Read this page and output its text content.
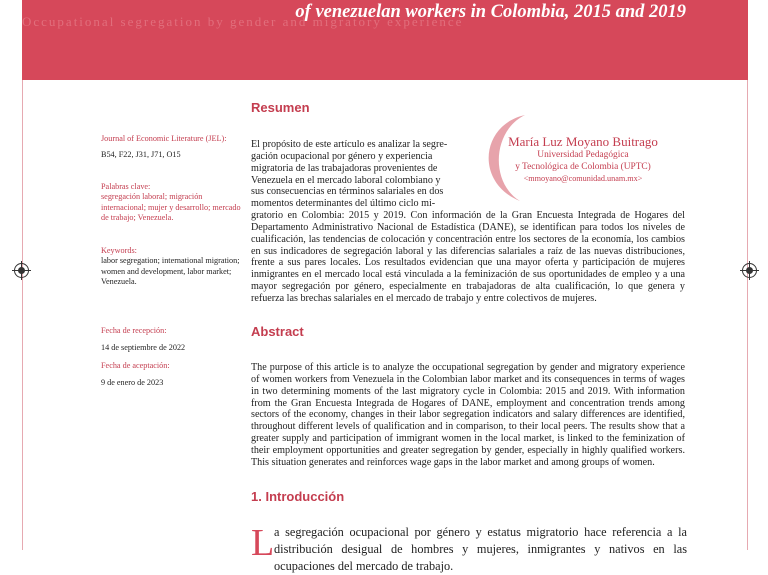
Occupational segregation by gender and migratory experience
of venezuelan workers in Colombia, 2015 and 2019
Journal of Economic Literature (JEL):
B54, F22, J31, J71, O15
Palabras clave:
segregación laboral; migración internacional; mujer y desarrollo; mercado de trabajo; Venezuela.
Keywords:
labor segregation; international migration; women and development, labor market; Venezuela.
Fecha de recepción:
14 de septiembre de 2022
Fecha de aceptación:
9 de enero de 2023
María Luz Moyano Buitrago
Universidad Pedagógica
y Tecnológica de Colombia (UPTC)
<mmoyano@comunidad.unam.mx>
Resumen
El propósito de este artículo es analizar la segre-
gación ocupacional por género y experiencia
migratoria de las trabajadoras provenientes de
Venezuela en el mercado laboral colombiano y
sus consecuencias en términos salariales en dos
momentos determinantes del último ciclo mi-
gratorio en Colombia: 2015 y 2019. Con información de la Gran Encuesta Integrada de Hogares del Departamento Administrativo Nacional de Estadística (DANE), se identifican para todos los niveles de cualificación, las tendencias de colocación y concentración entre los sectores de la economía, los cambios en sus indicadores de segregación laboral y las diferencias salariales a raíz de las nuevas distribuciones, frente a sus pares locales. Los resultados evidencian que una mayor oferta y participación de mujeres inmigrantes en el mercado local está vinculada a la feminización de sus oportunidades de empleo y a una mayor segregación por género, especialmente en trabajadoras de alta cualificación, lo que genera y refuerza las brechas salariales en el mercado de trabajo y entre colectivos de mujeres.
Abstract
The purpose of this article is to analyze the occupational segregation by gender and migratory experience of women workers from Venezuela in the Colombian labor market and its consequences in terms of wages in two determining moments of the last migratory cycle in Colombia: 2015 and 2019. With information from the Gran Encuesta Integrada de Hogares of DANE, employment and concentration trends among sectors of the economy, changes in their labor segregation indicators and salary differences are identified, throughout different levels of qualification and in comparison, to their local peers. The results show that a greater supply and participation of immigrant women in the local market, is linked to the feminization of their employment opportunities and greater segregation by gender, especially in highly qualified workers. This situation generates and reinforces wage gaps in the labor market and among groups of women.
1. Introducción
L a segregación ocupacional por género y estatus migratorio hace referencia a la distribución desigual de hombres y mujeres, inmigrantes y nativos en las ocupaciones del mercado de trabajo.
